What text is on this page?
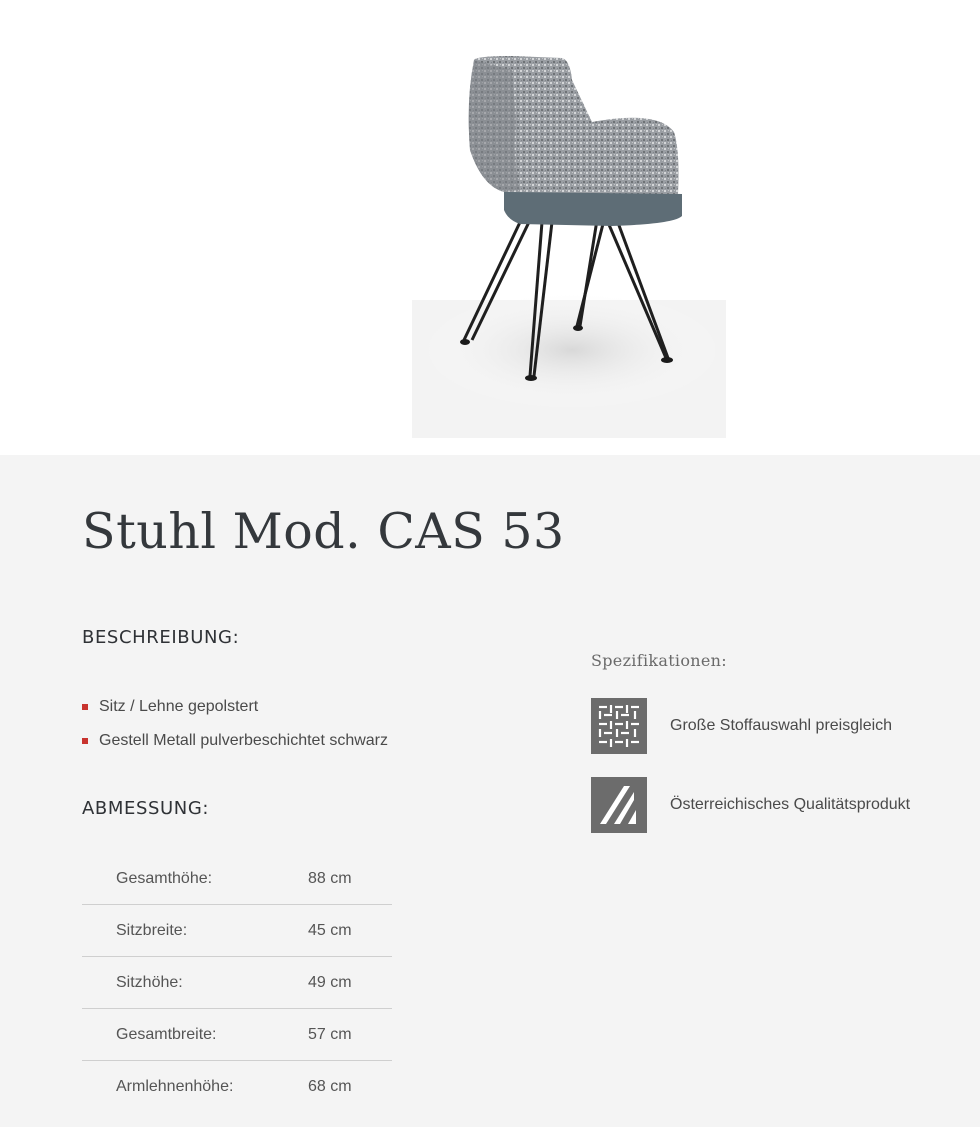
Stuhl Mod. CAS 53
BESCHREIBUNG:
Sitz / Lehne gepolstert
Gestell Metall pulverbeschichtet schwarz
ABMESSUNG:
Gesamthöhe:	88 cm
Sitzbreite:	45 cm
Sitzhöhe:	49 cm
Gesamtbreite:	57 cm
Armlehnenhöhe:	68 cm
Spezifikationen:
Große Stoffauswahl preisgleich
Österreichisches Qualitätsprodukt
